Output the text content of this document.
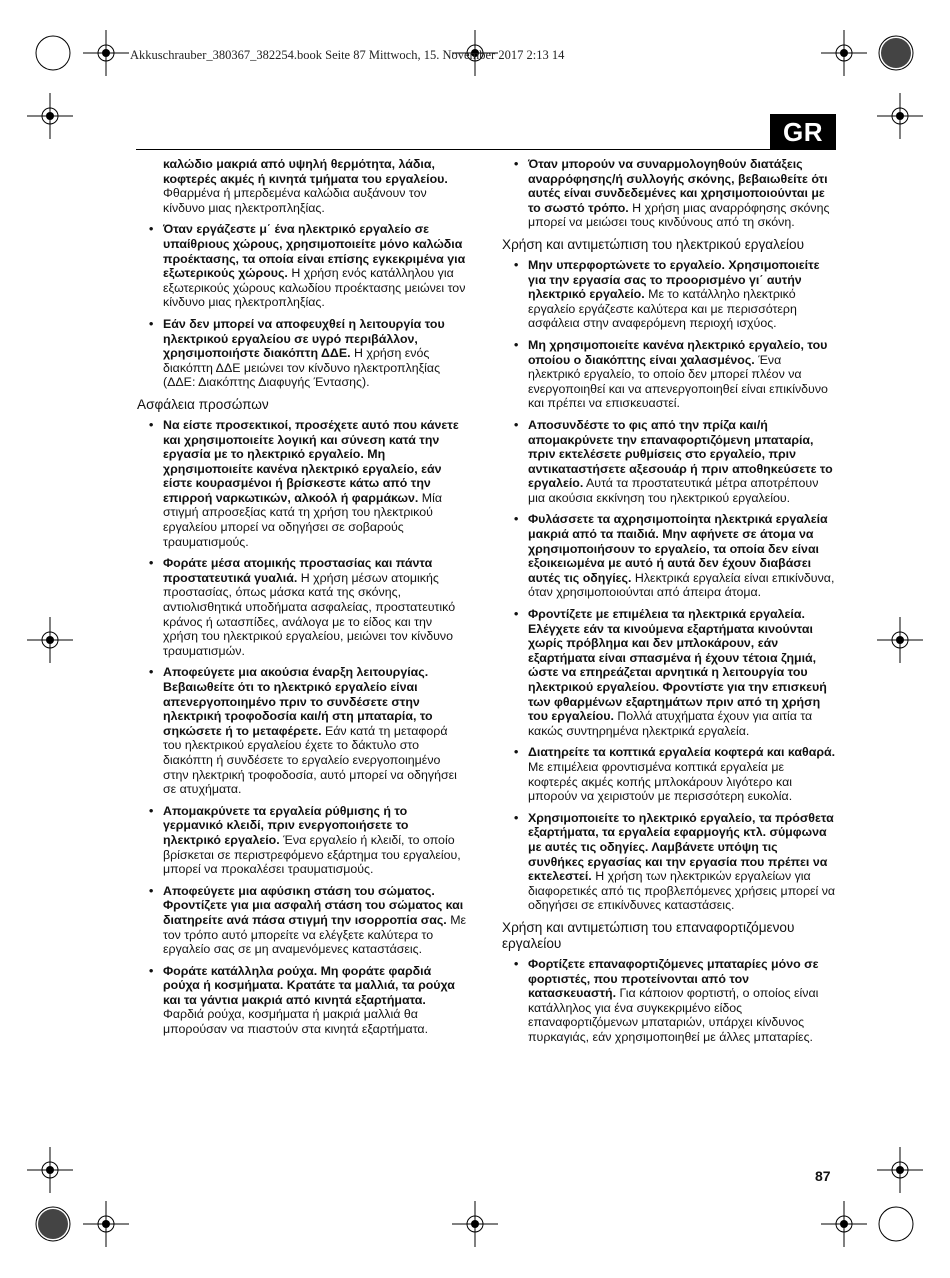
Akkuschrauber_380367_382254.book Seite 87 Mittwoch, 15. November 2017 2:13 14
GR

καλώδιο μακριά από υψηλή θερμότητα, λάδια, κοφτερές ακμές ή κινητά τμήματα του εργαλείου. Φθαρμένα ή μπερδεμένα καλώδια αυξάνουν τον κίνδυνο μιας ηλεκτροπληξίας.

• Όταν εργάζεστε μ΄ ένα ηλεκτρικό εργαλείο σε υπαίθριους χώρους, χρησιμοποιείτε μόνο καλώδια προέκτασης, τα οποία είναι επίσης εγκεκριμένα για εξωτερικούς χώρους. Η χρήση ενός κατάλληλου για εξωτερικούς χώρους καλωδίου προέκτασης μειώνει τον κίνδυνο μιας ηλεκτροπληξίας.

• Εάν δεν μπορεί να αποφευχθεί η λειτουργία του ηλεκτρικού εργαλείου σε υγρό περιβάλλον, χρησιμοποιήστε διακόπτη ΔΔΕ. Η χρήση ενός διακόπτη ΔΔΕ μειώνει τον κίνδυνο ηλεκτροπληξίας (ΔΔΕ: Διακόπτης Διαφυγής Έντασης).

Ασφάλεια προσώπων

• Να είστε προσεκτικοί, προσέχετε αυτό που κάνετε και χρησιμοποιείτε λογική και σύνεση κατά την εργασία με το ηλεκτρικό εργαλείο. Μη χρησιμοποιείτε κανένα ηλεκτρικό εργαλείο, εάν είστε κουρασμένοι ή βρίσκεστε κάτω από την επιρροή ναρκωτικών, αλκοόλ ή φαρμάκων. Μία στιγμή απροσεξίας κατά τη χρήση του ηλεκτρικού εργαλείου μπορεί να οδηγήσει σε σοβαρούς τραυματισμούς.

• Φοράτε μέσα ατομικής προστασίας και πάντα προστατευτικά γυαλιά. Η χρήση μέσων ατομικής προστασίας, όπως μάσκα κατά της σκόνης, αντιολισθητικά υποδήματα ασφαλείας, προστατευτικό κράνος ή ωτασπίδες, ανάλογα με το είδος και την χρήση του ηλεκτρικού εργαλείου, μειώνει τον κίνδυνο τραυματισμών.

• Αποφεύγετε μια ακούσια έναρξη λειτουργίας. Βεβαιωθείτε ότι το ηλεκτρικό εργαλείο είναι απενεργοποιημένο πριν το συνδέσετε στην ηλεκτρική τροφοδοσία και/ή στη μπαταρία, το σηκώσετε ή το μεταφέρετε. Εάν κατά τη μεταφορά του ηλεκτρικού εργαλείου έχετε το δάκτυλο στο διακόπτη ή συνδέσετε το εργαλείο ενεργοποιημένο στην ηλεκτρική τροφοδοσία, αυτό μπορεί να οδηγήσει σε ατυχήματα.

• Απομακρύνετε τα εργαλεία ρύθμισης ή το γερμανικό κλειδί, πριν ενεργοποιήσετε το ηλεκτρικό εργαλείο. Ένα εργαλείο ή κλειδί, το οποίο βρίσκεται σε περιστρεφόμενο εξάρτημα του εργαλείου, μπορεί να προκαλέσει τραυματισμούς.

• Αποφεύγετε μια αφύσικη στάση του σώματος. Φροντίζετε για μια ασφαλή στάση του σώματος και διατηρείτε ανά πάσα στιγμή την ισορροπία σας. Με τον τρόπο αυτό μπορείτε να ελέγξετε καλύτερα το εργαλείο σας σε μη αναμενόμενες καταστάσεις.

• Φοράτε κατάλληλα ρούχα. Μη φοράτε φαρδιά ρούχα ή κοσμήματα. Κρατάτε τα μαλλιά, τα ρούχα και τα γάντια μακριά από κινητά εξαρτήματα. Φαρδιά ρούχα, κοσμήματα ή μακριά μαλλιά θα μπορούσαν να πιαστούν στα κινητά εξαρτήματα.

• Όταν μπορούν να συναρμολογηθούν διατάξεις αναρρόφησης/ή συλλογής σκόνης, βεβαιωθείτε ότι αυτές είναι συνδεδεμένες και χρησιμοποιούνται με το σωστό τρόπο. Η χρήση μιας αναρρόφησης σκόνης μπορεί να μειώσει τους κινδύνους από τη σκόνη.

Χρήση και αντιμετώπιση του ηλεκτρικού εργαλείου

• Μην υπερφορτώνετε το εργαλείο. Χρησιμοποιείτε για την εργασία σας το προορισμένο γι΄ αυτήν ηλεκτρικό εργαλείο. Με το κατάλληλο ηλεκτρικό εργαλείο εργάζεστε καλύτερα και με περισσότερη ασφάλεια στην αναφερόμενη περιοχή ισχύος.

• Μη χρησιμοποιείτε κανένα ηλεκτρικό εργαλείο, του οποίου ο διακόπτης είναι χαλασμένος. Ένα ηλεκτρικό εργαλείο, το οποίο δεν μπορεί πλέον να ενεργοποιηθεί και να απενεργοποιηθεί είναι επικίνδυνο και πρέπει να επισκευαστεί.

• Αποσυνδέστε το φις από την πρίζα και/ή απομακρύνετε την επαναφορτιζόμενη μπαταρία, πριν εκτελέσετε ρυθμίσεις στο εργαλείο, πριν αντικαταστήσετε αξεσουάρ ή πριν αποθηκεύσετε το εργαλείο. Αυτά τα προστατευτικά μέτρα αποτρέπουν μια ακούσια εκκίνηση του ηλεκτρικού εργαλείου.

• Φυλάσσετε τα αχρησιμοποίητα ηλεκτρικά εργαλεία μακριά από τα παιδιά. Μην αφήνετε σε άτομα να χρησιμοποιήσουν το εργαλείο, τα οποία δεν είναι εξοικειωμένα με αυτό ή αυτά δεν έχουν διαβάσει αυτές τις οδηγίες. Ηλεκτρικά εργαλεία είναι επικίνδυνα, όταν χρησιμοποιούνται από άπειρα άτομα.

• Φροντίζετε με επιμέλεια τα ηλεκτρικά εργαλεία. Ελέγχετε εάν τα κινούμενα εξαρτήματα κινούνται χωρίς πρόβλημα και δεν μπλοκάρουν, εάν εξαρτήματα είναι σπασμένα ή έχουν τέτοια ζημιά, ώστε να επηρεάζεται αρνητικά η λειτουργία του ηλεκτρικού εργαλείου. Φροντίστε για την επισκευή των φθαρμένων εξαρτημάτων πριν από τη χρήση του εργαλείου. Πολλά ατυχήματα έχουν για αιτία τα κακώς συντηρημένα ηλεκτρικά εργαλεία.

• Διατηρείτε τα κοπτικά εργαλεία κοφτερά και καθαρά. Με επιμέλεια φροντισμένα κοπτικά εργαλεία με κοφτερές ακμές κοπής μπλοκάρουν λιγότερο και μπορούν να χειριστούν με περισσότερη ευκολία.

• Χρησιμοποιείτε το ηλεκτρικό εργαλείο, τα πρόσθετα εξαρτήματα, τα εργαλεία εφαρμογής κτλ. σύμφωνα με αυτές τις οδηγίες. Λαμβάνετε υπόψη τις συνθήκες εργασίας και την εργασία που πρέπει να εκτελεστεί. Η χρήση των ηλεκτρικών εργαλείων για διαφορετικές από τις προβλεπόμενες χρήσεις μπορεί να οδηγήσει σε επικίνδυνες καταστάσεις.

Χρήση και αντιμετώπιση του επαναφορτιζόμενου εργαλείου

• Φορτίζετε επαναφορτιζόμενες μπαταρίες μόνο σε φορτιστές, που προτείνονται από τον κατασκευαστή. Για κάποιον φορτιστή, ο οποίος είναι κατάλληλος για ένα συγκεκριμένο είδος επαναφορτιζόμενων μπαταριών, υπάρχει κίνδυνος πυρκαγιάς, εάν χρησιμοποιηθεί με άλλες μπαταρίες.

87
